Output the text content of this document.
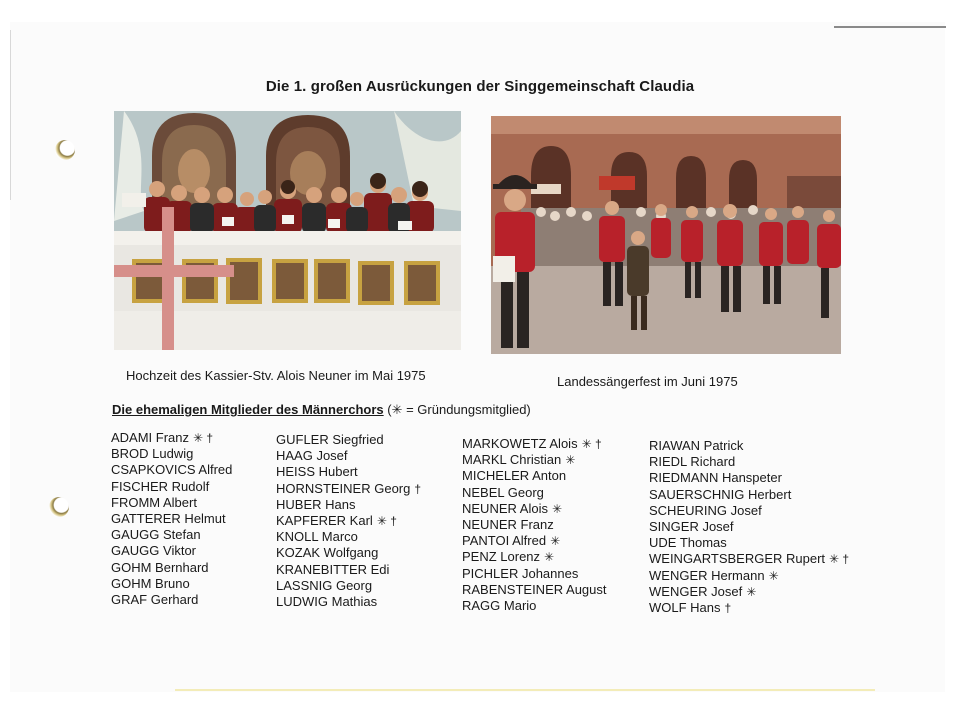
Die 1. großen Ausrückungen der Singgemeinschaft Claudia
Hochzeit des Kassier-Stv. Alois Neuner im Mai 1975	Landessängerfest im Juni 1975
Die ehemaligen Mitglieder des Männerchors (✳ = Gründungsmitglied)
ADAMI Franz ✳ †
BROD Ludwig
CSAPKOVICS Alfred
FISCHER Rudolf
FROMM Albert
GATTERER Helmut
GAUGG Stefan
GAUGG Viktor
GOHM Bernhard
GOHM Bruno
GRAF Gerhard
GUFLER Siegfried
HAAG Josef
HEISS Hubert
HORNSTEINER Georg †
HUBER Hans
KAPFERER Karl ✳ †
KNOLL Marco
KOZAK Wolfgang
KRANEBITTER Edi
LASSNIG Georg
LUDWIG Mathias
MARKOWETZ Alois ✳ †
MARKL Christian ✳
MICHELER Anton
NEBEL Georg
NEUNER Alois ✳
NEUNER Franz
PANTOI Alfred ✳
PENZ Lorenz ✳
PICHLER Johannes
RABENSTEINER August
RAGG Mario
RIAWAN Patrick
RIEDL Richard
RIEDMANN Hanspeter
SAUERSCHNIG Herbert
SCHEURING Josef
SINGER Josef
UDE Thomas
WEINGARTSBERGER Rupert ✳ †
WENGER Hermann ✳
WENGER Josef ✳
WOLF Hans †
